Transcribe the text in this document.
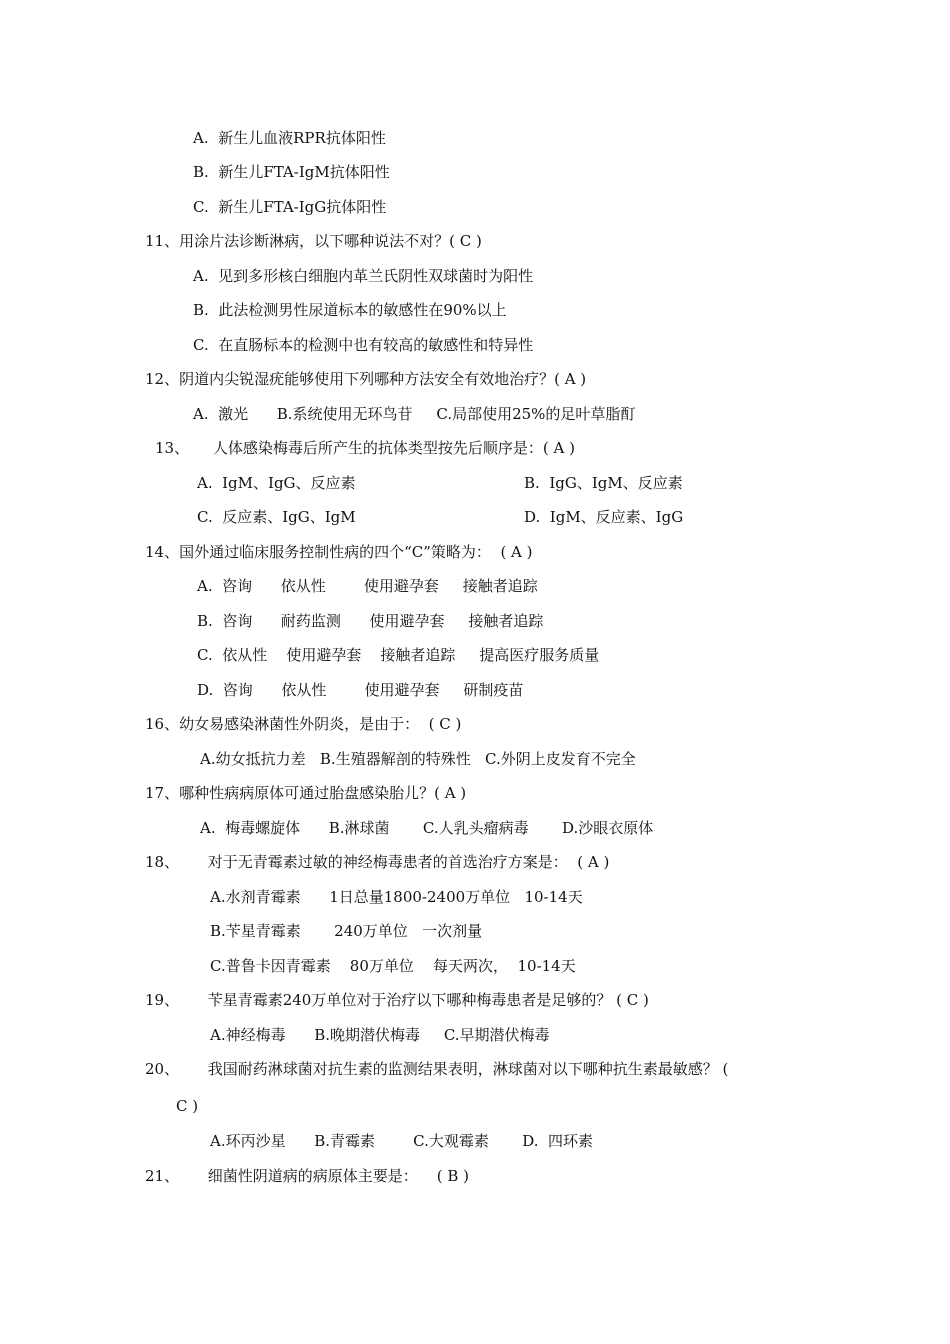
A.  新生儿血液RPR抗体阳性
B.  新生儿FTA-IgM抗体阳性
C.  新生儿FTA-IgG抗体阳性
11、用涂片法诊断淋病，以下哪种说法不对？( C )
A.  见到多形核白细胞内革兰氏阴性双球菌时为阳性
B.  此法检测男性尿道标本的敏感性在90%以上
C.  在直肠标本的检测中也有较高的敏感性和特异性
12、阴道内尖锐湿疣能够使用下列哪种方法安全有效地治疗？( A )
A.  激光      B.系统使用无环鸟苷     C.局部使用25%的足叶草脂酊
13、     人体感染梅毒后所产生的抗体类型按先后顺序是：( A )
A.  IgM、IgG、反应素	B.  IgG、IgM、反应素
C.  反应素、IgG、IgM	D.  IgM、反应素、IgG
14、国外通过临床服务控制性病的四个“C”策略为：  ( A )
A.  咨询      依从性        使用避孕套     接触者追踪
B.  咨询      耐药监测      使用避孕套     接触者追踪
C.  依从性    使用避孕套    接触者追踪     提高医疗服务质量
D.  咨询      依从性        使用避孕套     研制疫苗
16、幼女易感染淋菌性外阴炎，是由于：  ( C )
A.幼女抵抗力差   B.生殖器解剖的特殊性   C.外阴上皮发育不完全
17、哪种性病病原体可通过胎盘感染胎儿？( A )
A.  梅毒螺旋体      B.淋球菌       C.人乳头瘤病毒       D.沙眼衣原体
18、      对于无青霉素过敏的神经梅毒患者的首选治疗方案是：  ( A )
A.水剂青霉素      1日总量1800-2400万单位   10-14天
B.苄星青霉素       240万单位   一次剂量
C.普鲁卡因青霉素    80万单位    每天两次，  10-14天
19、      苄星青霉素240万单位对于治疗以下哪种梅毒患者是足够的？ ( C )
A.神经梅毒      B.晚期潜伏梅毒     C.早期潜伏梅毒
20、      我国耐药淋球菌对抗生素的监测结果表明，淋球菌对以下哪种抗生素最敏感？ (
C )
A.环丙沙星      B.青霉素        C.大观霉素       D.  四环素
21、      细菌性阴道病的病原体主要是：    ( B )
